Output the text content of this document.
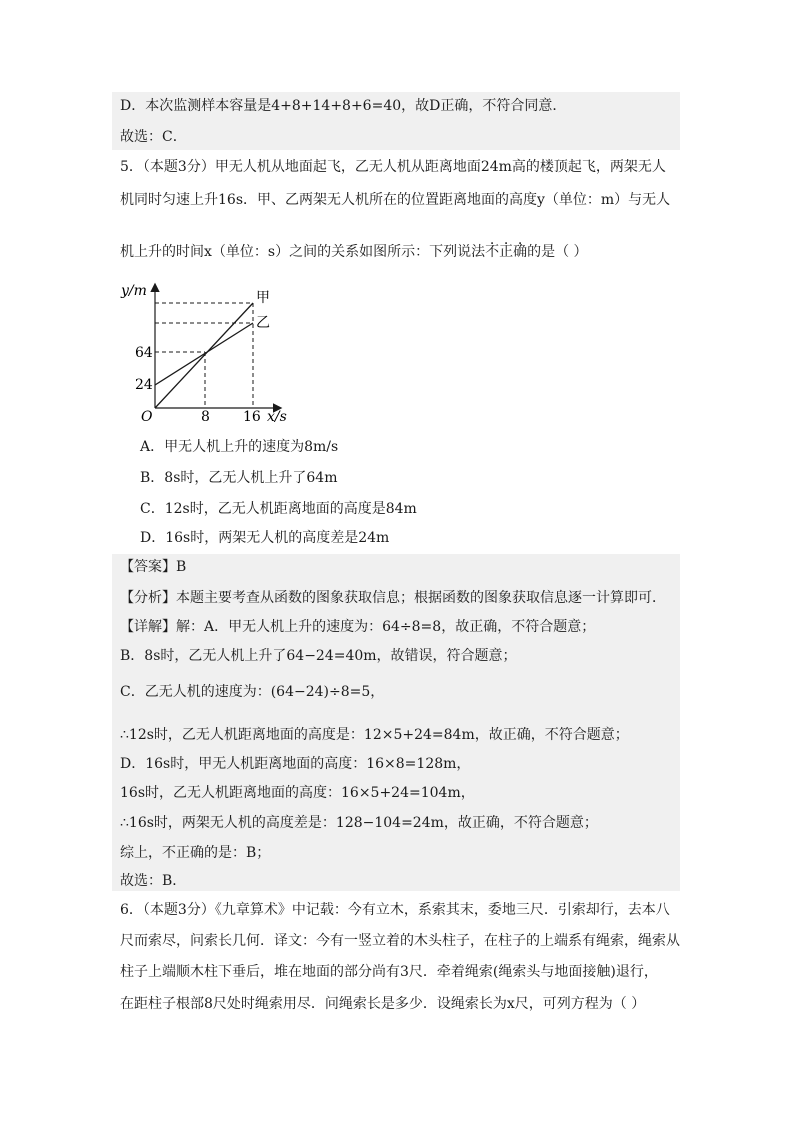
D．本次监测样本容量是4+8+14+8+6=40，故D正确，不符合同意．
故选：C．
5．（本题3分）甲无人机从地面起飞，乙无人机从距离地面24m高的楼顶起飞，两架无人
机同时匀速上升16s．甲、乙两架无人机所在的位置距离地面的高度y（单位：m）与无人
机上升的时间x（单位：s）之间的关系如图所示：下列说法不正确的是（ ）
y/m
x/s
O
64
24
8 16
甲
乙
A．甲无人机上升的速度为8m/s
B．8s时，乙无人机上升了64m
C．12s时，乙无人机距离地面的高度是84m
D．16s时，两架无人机的高度差是24m
【答案】B
【分析】本题主要考查从函数的图象获取信息；根据函数的图象获取信息逐一计算即可．
【详解】解：A．甲无人机上升的速度为：64÷8=8，故正确，不符合题意；
B．8s时，乙无人机上升了64−24=40m，故错误，符合题意；
C．乙无人机的速度为：(64−24)÷8=5，
∴12s时，乙无人机距离地面的高度是：12×5+24=84m，故正确，不符合题意；
D．16s时，甲无人机距离地面的高度：16×8=128m，
16s时，乙无人机距离地面的高度：16×5+24=104m，
∴16s时，两架无人机的高度差是：128−104=24m，故正确，不符合题意；
综上，不正确的是：B；
故选：B．
6．（本题3分）《九章算术》中记载：今有立木，系索其末，委地三尺．引索却行，去本八
尺而索尽，问索长几何．译文：今有一竖立着的木头柱子，在柱子的上端系有绳索，绳索从
柱子上端顺木柱下垂后，堆在地面的部分尚有3尺．牵着绳索(绳索头与地面接触)退行，
在距柱子根部8尺处时绳索用尽．问绳索长是多少．设绳索长为x尺，可列方程为（ ）
